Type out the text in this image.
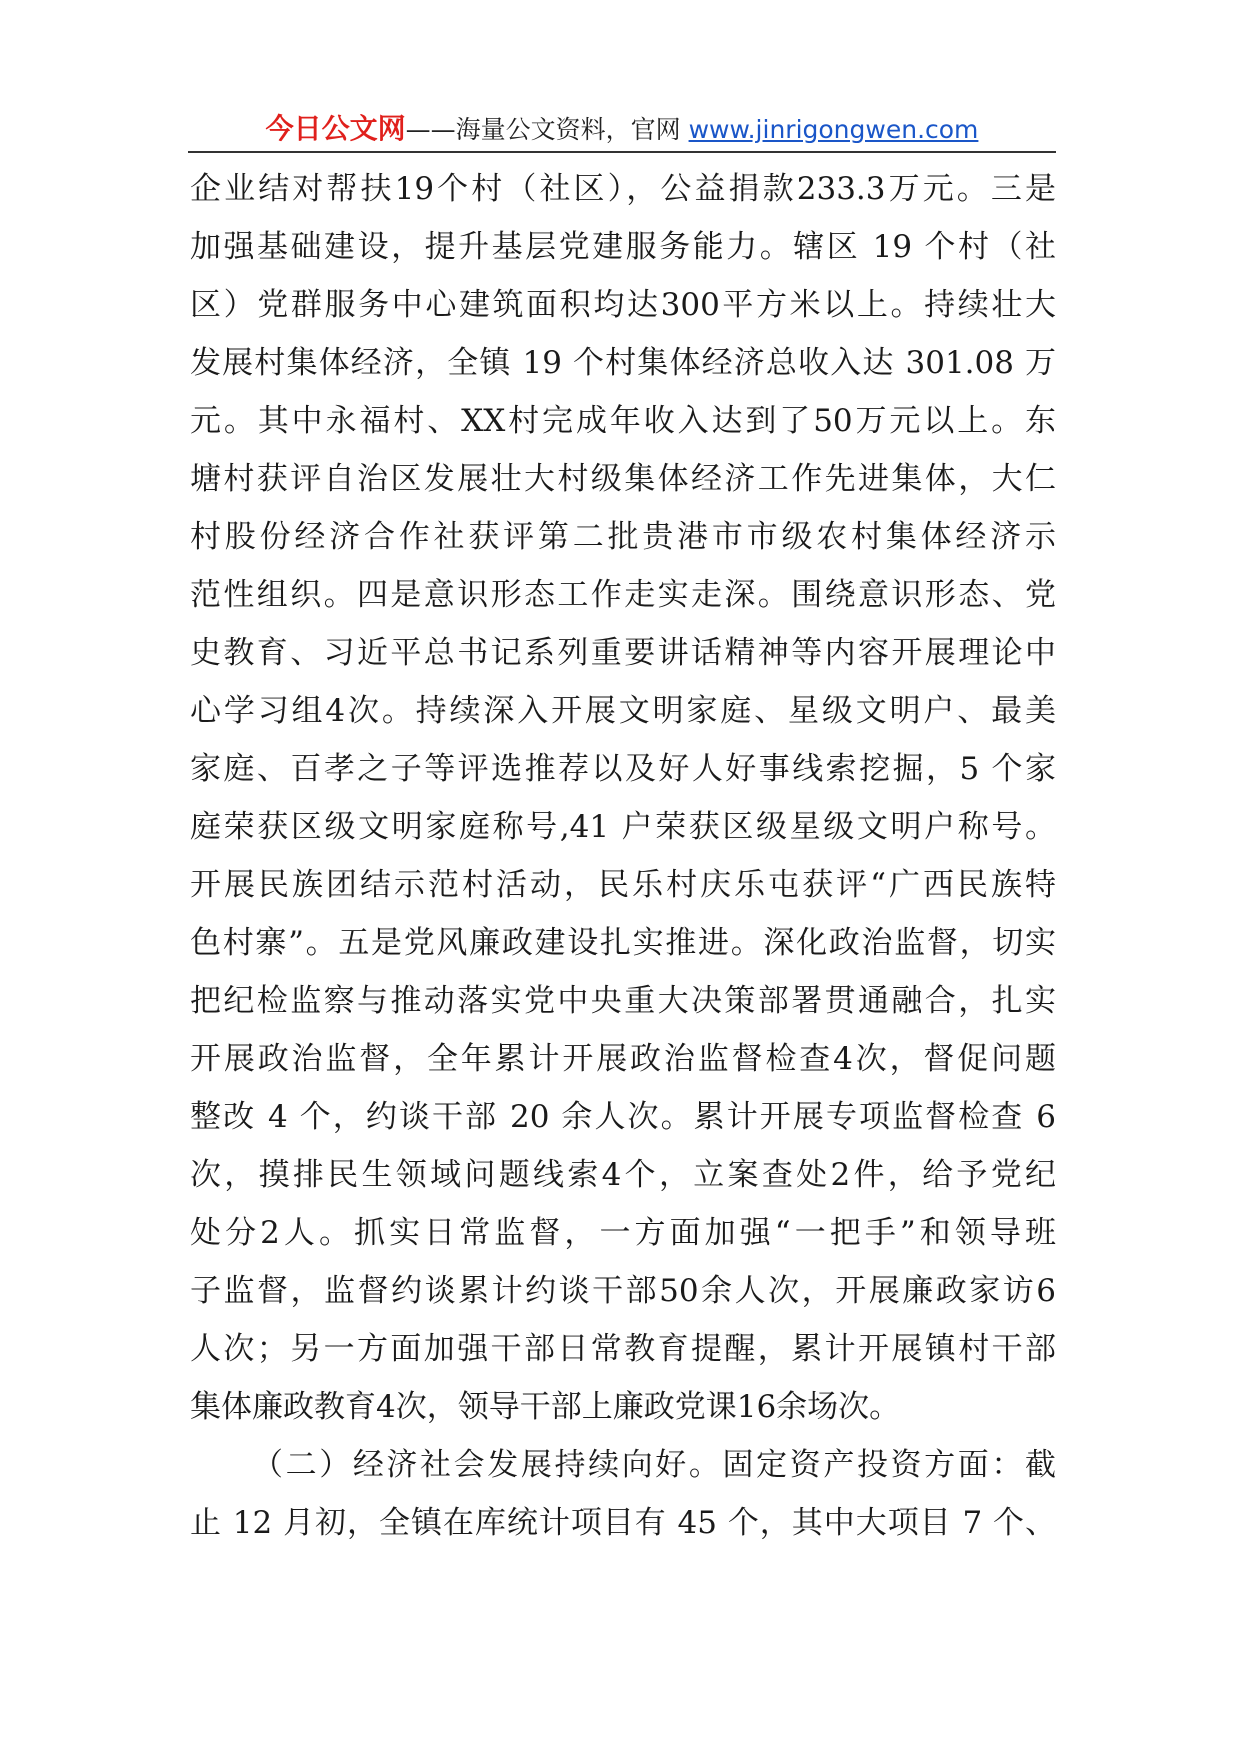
今日公文网——海量公文资料，官网 www.jinrigongwen.com
企业结对帮扶19个村（社区），公益捐款233.3万元。三是
加强基础建设，提升基层党建服务能力。辖区 19 个村（社
区）党群服务中心建筑面积均达300平方米以上。持续壮大
发展村集体经济，全镇 19 个村集体经济总收入达 301.08 万
元。其中永福村、XX村完成年收入达到了50万元以上。东
塘村获评自治区发展壮大村级集体经济工作先进集体，大仁
村股份经济合作社获评第二批贵港市市级农村集体经济示
范性组织。四是意识形态工作走实走深。围绕意识形态、党
史教育、习近平总书记系列重要讲话精神等内容开展理论中
心学习组4次。持续深入开展文明家庭、星级文明户、最美
家庭、百孝之子等评选推荐以及好人好事线索挖掘，5 个家
庭荣获区级文明家庭称号,41 户荣获区级星级文明户称号。
开展民族团结示范村活动，民乐村庆乐屯获评“广西民族特
色村寨”。五是党风廉政建设扎实推进。深化政治监督，切实
把纪检监察与推动落实党中央重大决策部署贯通融合，扎实
开展政治监督，全年累计开展政治监督检查4次，督促问题
整改 4 个，约谈干部 20 余人次。累计开展专项监督检查 6
次，摸排民生领域问题线索4个，立案查处2件，给予党纪
处分2人。抓实日常监督，一方面加强“一把手”和领导班
子监督，监督约谈累计约谈干部50余人次，开展廉政家访6
人次；另一方面加强干部日常教育提醒，累计开展镇村干部
集体廉政教育4次，领导干部上廉政党课16余场次。
（二）经济社会发展持续向好。固定资产投资方面：截
止 12 月初，全镇在库统计项目有 45 个，其中大项目 7 个、
